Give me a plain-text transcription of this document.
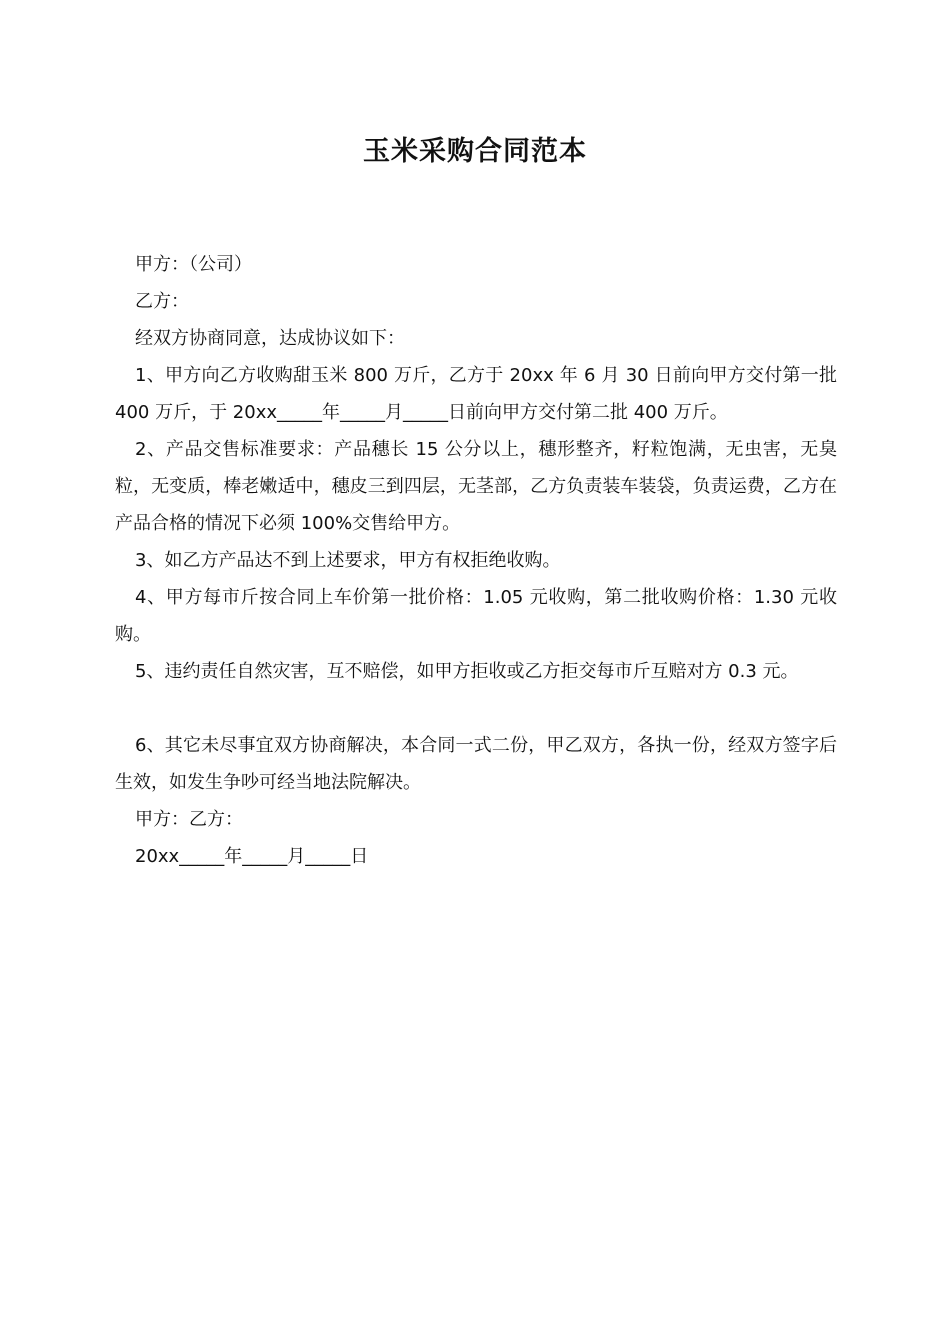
玉米采购合同范本

甲方：（公司）

乙方：

经双方协商同意，达成协议如下：

1、甲方向乙方收购甜玉米 800 万斤，乙方于 20xx 年 6 月 30 日前向甲方交付第一批 400 万斤，于 20xx_____年_____月_____日前向甲方交付第二批 400 万斤。

2、产品交售标准要求：产品穗长 15 公分以上，穗形整齐，籽粒饱满，无虫害，无臭粒，无变质，棒老嫩适中，穗皮三到四层，无茎部，乙方负责装车装袋，负责运费，乙方在产品合格的情况下必须 100%交售给甲方。

3、如乙方产品达不到上述要求，甲方有权拒绝收购。

4、甲方每市斤按合同上车价第一批价格：1.05 元收购，第二批收购价格：1.30 元收购。

5、违约责任自然灾害，互不赔偿，如甲方拒收或乙方拒交每市斤互赔对方 0.3 元。

6、其它未尽事宜双方协商解决，本合同一式二份，甲乙双方，各执一份，经双方签字后生效，如发生争吵可经当地法院解决。

甲方：乙方：

20xx_____年_____月_____日
